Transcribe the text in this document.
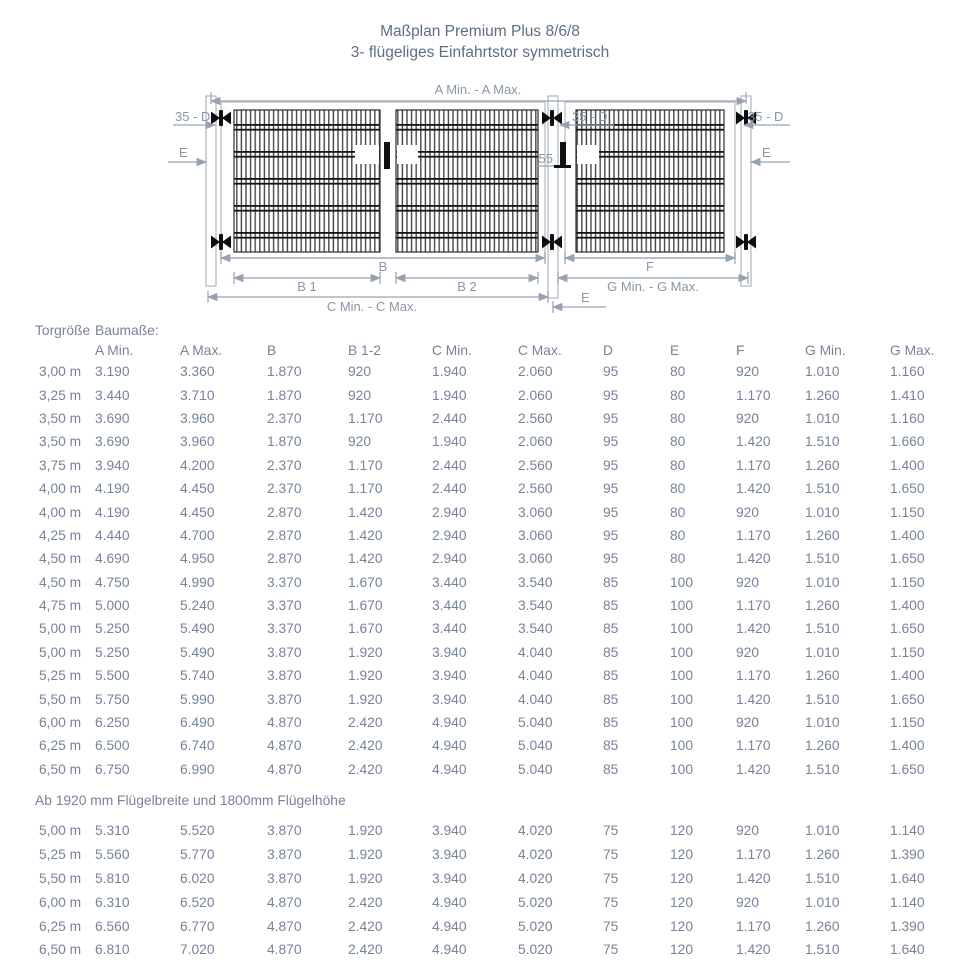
Maßplan Premium Plus 8/6/8
3- flügeliges Einfahrtstor symmetrisch
A Min. - A Max.
35 - D	35 - D	35 - D
E	E
55
B
B 1	B 2
C Min. - C Max.
F
G Min. - G Max.
E
Torgröße Baumaße:
A Min.	A Max.	B	B 1-2	C Min.	C Max.	D	E	F	G Min.	G Max.
3,00 m	3.190	3.360	1.870	920	1.940	2.060	95	80	920	1.010	1.160
3,25 m	3.440	3.710	1.870	920	1.940	2.060	95	80	1.170	1.260	1.410
3,50 m	3.690	3.960	2.370	1.170	2.440	2.560	95	80	920	1.010	1.160
3,50 m	3.690	3.960	1.870	920	1.940	2.060	95	80	1.420	1.510	1.660
3,75 m	3.940	4.200	2.370	1.170	2.440	2.560	95	80	1.170	1.260	1.400
4,00 m	4.190	4.450	2.370	1.170	2.440	2.560	95	80	1.420	1.510	1.650
4,00 m	4.190	4.450	2.870	1.420	2.940	3.060	95	80	920	1.010	1.150
4,25 m	4.440	4.700	2.870	1.420	2.940	3.060	95	80	1.170	1.260	1.400
4,50 m	4.690	4.950	2.870	1.420	2.940	3.060	95	80	1.420	1.510	1.650
4,50 m	4.750	4.990	3.370	1.670	3.440	3.540	85	100	920	1.010	1.150
4,75 m	5.000	5.240	3.370	1.670	3.440	3.540	85	100	1.170	1.260	1.400
5,00 m	5.250	5.490	3.370	1.670	3.440	3.540	85	100	1.420	1.510	1.650
5,00 m	5.250	5.490	3.870	1.920	3.940	4.040	85	100	920	1.010	1.150
5,25 m	5.500	5.740	3.870	1.920	3.940	4.040	85	100	1.170	1.260	1.400
5,50 m	5.750	5.990	3.870	1.920	3.940	4.040	85	100	1.420	1.510	1.650
6,00 m	6.250	6.490	4.870	2.420	4.940	5.040	85	100	920	1.010	1.150
6,25 m	6.500	6.740	4.870	2.420	4.940	5.040	85	100	1.170	1.260	1.400
6,50 m	6.750	6.990	4.870	2.420	4.940	5.040	85	100	1.420	1.510	1.650
Ab 1920 mm Flügelbreite und 1800mm Flügelhöhe
5,00 m	5.310	5.520	3.870	1.920	3.940	4.020	75	120	920	1.010	1.140
5,25 m	5.560	5.770	3.870	1.920	3.940	4.020	75	120	1.170	1.260	1.390
5,50 m	5.810	6.020	3.870	1.920	3.940	4.020	75	120	1.420	1.510	1.640
6,00 m	6.310	6.520	4.870	2.420	4.940	5.020	75	120	920	1.010	1.140
6,25 m	6.560	6.770	4.870	2.420	4.940	5.020	75	120	1.170	1.260	1.390
6,50 m	6.810	7.020	4.870	2.420	4.940	5.020	75	120	1.420	1.510	1.640
